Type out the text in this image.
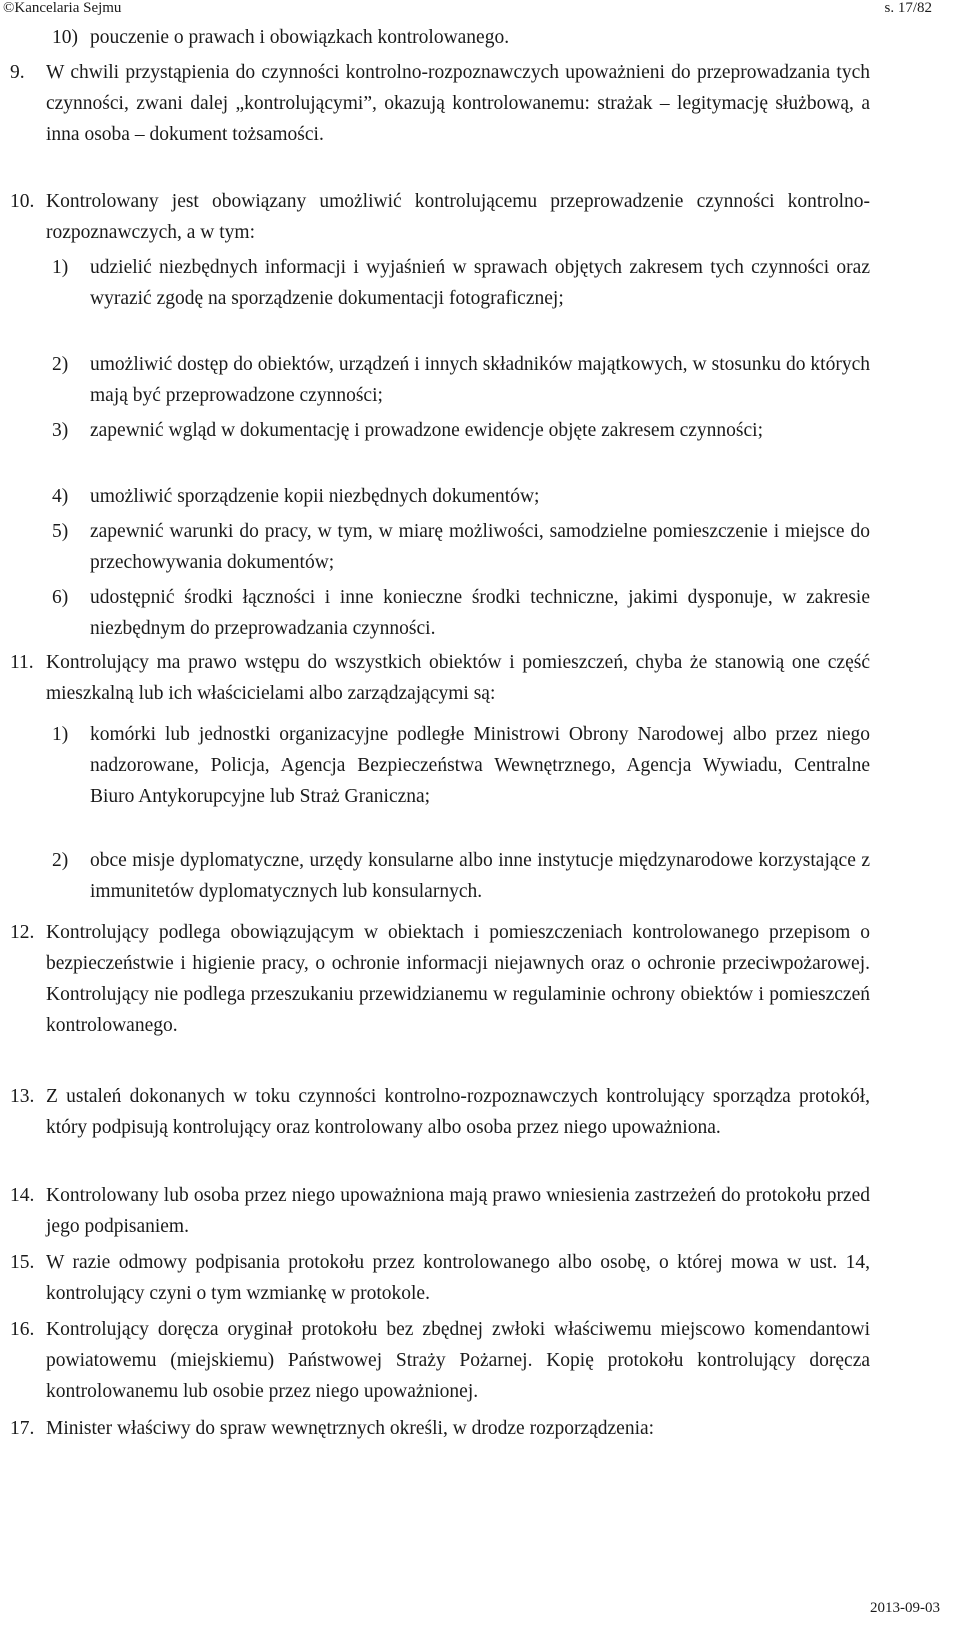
©Kancelaria Sejmu	s. 17/82
10) pouczenie o prawach i obowiązkach kontrolowanego.
9.	W chwili przystąpienia do czynności kontrolno-rozpoznawczych upoważnieni do przeprowadzania tych czynności, zwani dalej „kontrolującymi”, okazują kontrolowanemu: strażak – legitymację służbową, a inna osoba – dokument tożsamości.
10. Kontrolowany jest obowiązany umożliwić kontrolującemu przeprowadzenie czynności kontrolno-rozpoznawczych, a w tym:
1)	udzielić niezbędnych informacji i wyjaśnień w sprawach objętych zakresem tych czynności oraz wyrazić zgodę na sporządzenie dokumentacji fotograficznej;
2)	umożliwić dostęp do obiektów, urządzeń i innych składników majątkowych, w stosunku do których mają być przeprowadzone czynności;
3)	zapewnić wgląd w dokumentację i prowadzone ewidencje objęte zakresem czynności;
4)	umożliwić sporządzenie kopii niezbędnych dokumentów;
5)	zapewnić warunki do pracy, w tym, w miarę możliwości, samodzielne pomieszczenie i miejsce do przechowywania dokumentów;
6)	udostępnić środki łączności i inne konieczne środki techniczne, jakimi dysponuje, w zakresie niezbędnym do przeprowadzania czynności.
11. Kontrolujący ma prawo wstępu do wszystkich obiektów i pomieszczeń, chyba że stanowią one część mieszkalną lub ich właścicielami albo zarządzającymi są:
1)	komórki lub jednostki organizacyjne podległe Ministrowi Obrony Narodowej albo przez niego nadzorowane, Policja, Agencja Bezpieczeństwa Wewnętrznego, Agencja Wywiadu, Centralne Biuro Antykorupcyjne lub Straż Graniczna;
2)	obce misje dyplomatyczne, urzędy konsularne albo inne instytucje międzynarodowe korzystające z immunitetów dyplomatycznych lub konsularnych.
12. Kontrolujący podlega obowiązującym w obiektach i pomieszczeniach kontrolowanego przepisom o bezpieczeństwie i higienie pracy, o ochronie informacji niejawnych oraz o ochronie przeciwpożarowej. Kontrolujący nie podlega przeszukaniu przewidzianemu w regulaminie ochrony obiektów i pomieszczeń kontrolowanego.
13. Z ustaleń dokonanych w toku czynności kontrolno-rozpoznawczych kontrolujący sporządza protokół, który podpisują kontrolujący oraz kontrolowany albo osoba przez niego upoważniona.
14. Kontrolowany lub osoba przez niego upoważniona mają prawo wniesienia zastrzeżeń do protokołu przed jego podpisaniem.
15. W razie odmowy podpisania protokołu przez kontrolowanego albo osobę, o której mowa w ust. 14, kontrolujący czyni o tym wzmiankę w protokole.
16. Kontrolujący doręcza oryginał protokołu bez zbędnej zwłoki właściwemu miejscowo komendantowi powiatowemu (miejskiemu) Państwowej Straży Pożarnej. Kopię protokołu kontrolujący doręcza kontrolowanemu lub osobie przez niego upoważnionej.
17. Minister właściwy do spraw wewnętrznych określi, w drodze rozporządzenia:
2013-09-03
